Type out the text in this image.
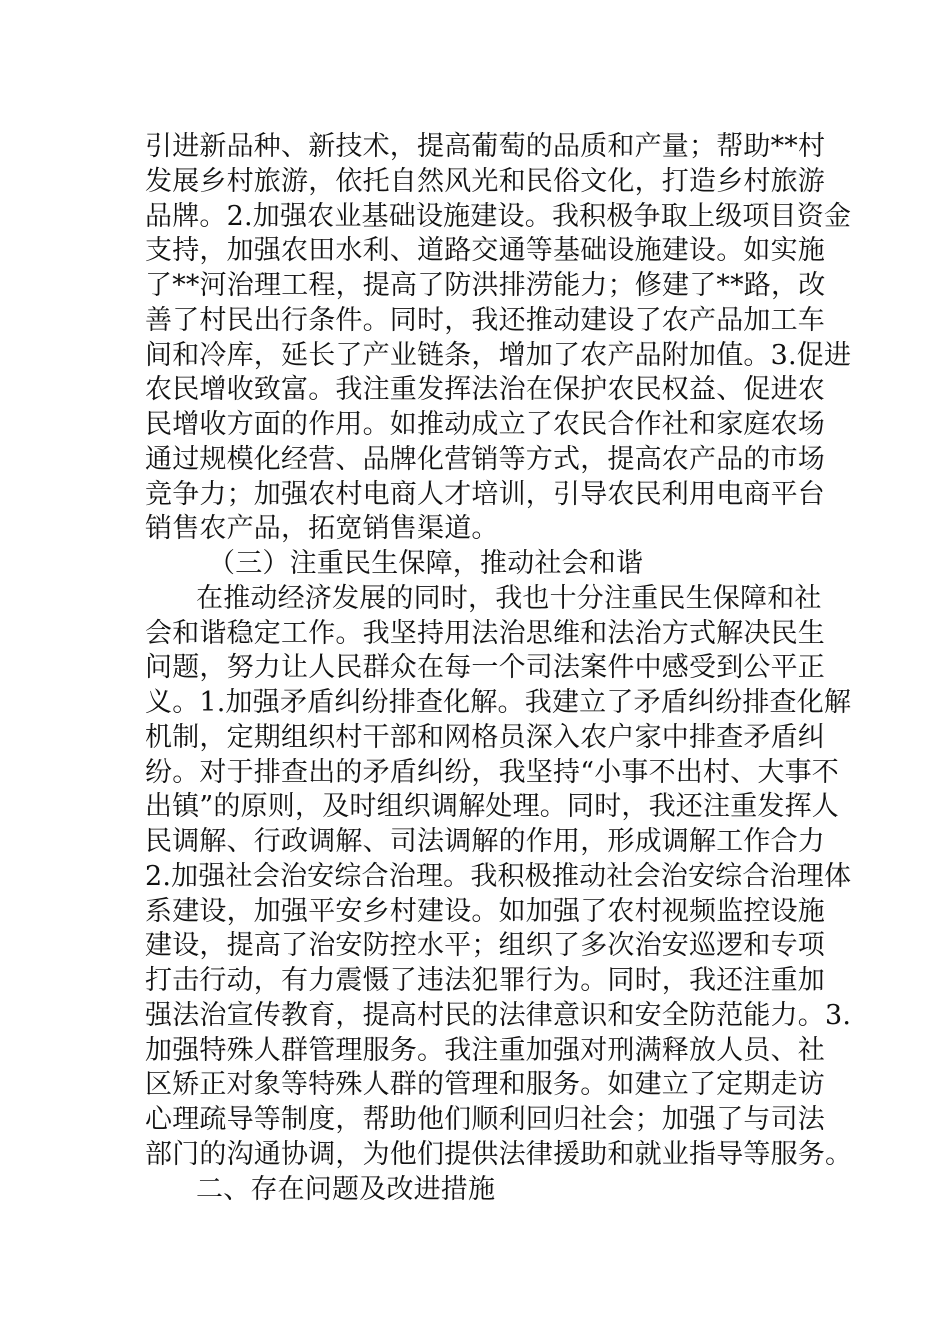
引进新品种、新技术，提高葡萄的品质和产量；帮助**村
发展乡村旅游，依托自然风光和民俗文化，打造乡村旅游
品牌。2.加强农业基础设施建设。我积极争取上级项目资金
支持，加强农田水利、道路交通等基础设施建设。如实施
了**河治理工程，提高了防洪排涝能力；修建了**路，改
善了村民出行条件。同时，我还推动建设了农产品加工车
间和冷库，延长了产业链条，增加了农产品附加值。3.促进
农民增收致富。我注重发挥法治在保护农民权益、促进农
民增收方面的作用。如推动成立了农民合作社和家庭农场
通过规模化经营、品牌化营销等方式，提高农产品的市场
竞争力；加强农村电商人才培训，引导农民利用电商平台
销售农产品，拓宽销售渠道。
（三）注重民生保障，推动社会和谐
在推动经济发展的同时，我也十分注重民生保障和社
会和谐稳定工作。我坚持用法治思维和法治方式解决民生
问题，努力让人民群众在每一个司法案件中感受到公平正
义。1.加强矛盾纠纷排查化解。我建立了矛盾纠纷排查化解
机制，定期组织村干部和网格员深入农户家中排查矛盾纠
纷。对于排查出的矛盾纠纷，我坚持“小事不出村、大事不
出镇”的原则，及时组织调解处理。同时，我还注重发挥人
民调解、行政调解、司法调解的作用，形成调解工作合力
2.加强社会治安综合治理。我积极推动社会治安综合治理体
系建设，加强平安乡村建设。如加强了农村视频监控设施
建设，提高了治安防控水平；组织了多次治安巡逻和专项
打击行动，有力震慑了违法犯罪行为。同时，我还注重加
强法治宣传教育，提高村民的法律意识和安全防范能力。3.
加强特殊人群管理服务。我注重加强对刑满释放人员、社
区矫正对象等特殊人群的管理和服务。如建立了定期走访
心理疏导等制度，帮助他们顺利回归社会；加强了与司法
部门的沟通协调，为他们提供法律援助和就业指导等服务。
二、存在问题及改进措施
